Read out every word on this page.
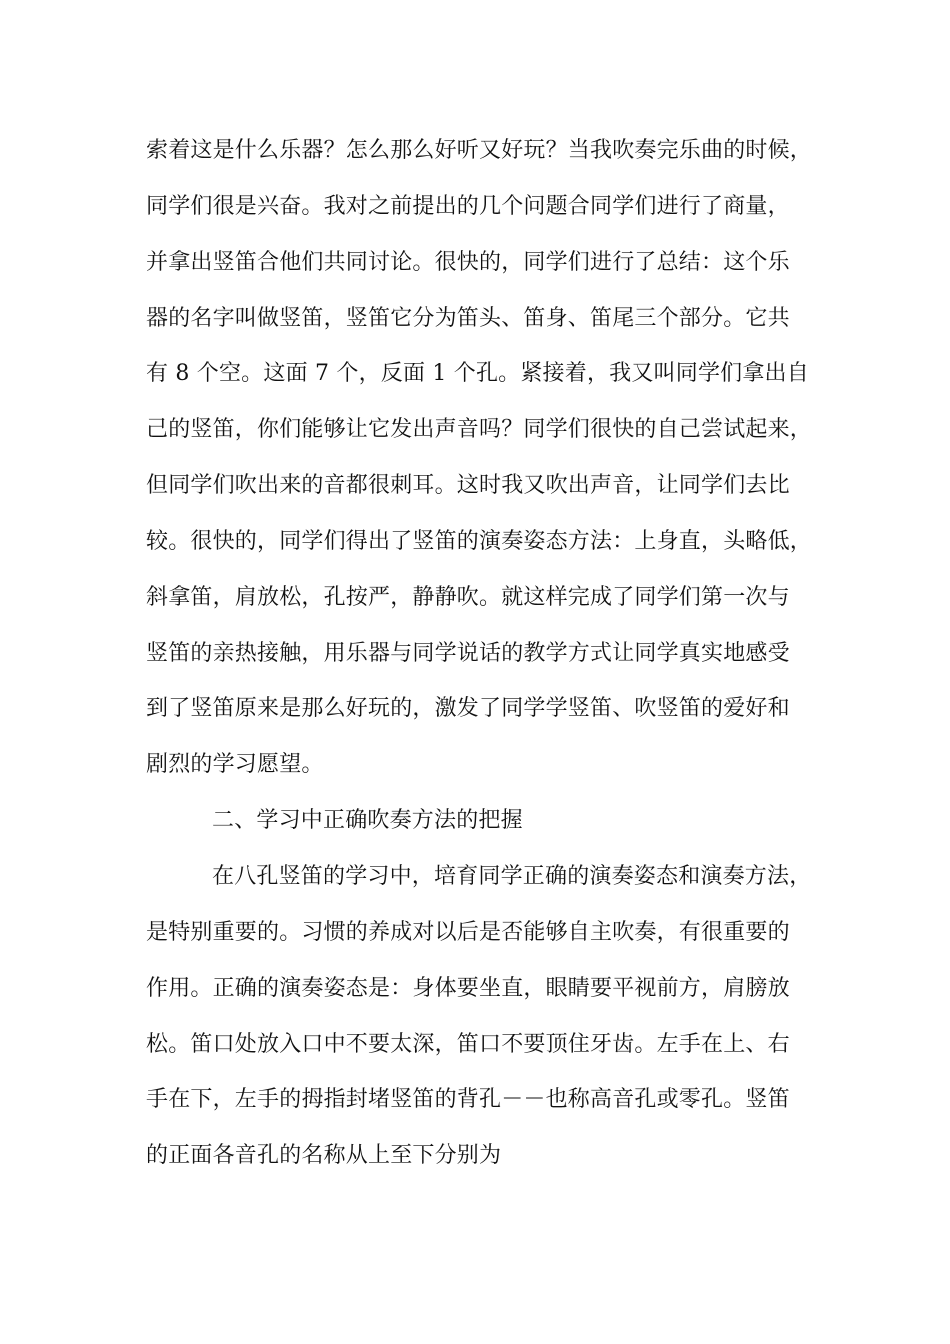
索着这是什么乐器？怎么那么好听又好玩？当我吹奏完乐曲的时候，
同学们很是兴奋。我对之前提出的几个问题合同学们进行了商量，
并拿出竖笛合他们共同讨论。很快的，同学们进行了总结：这个乐
器的名字叫做竖笛，竖笛它分为笛头、笛身、笛尾三个部分。它共
有 8 个空。这面 7 个，反面 1 个孔。紧接着，我又叫同学们拿出自
己的竖笛，你们能够让它发出声音吗？同学们很快的自己尝试起来，
但同学们吹出来的音都很刺耳。这时我又吹出声音，让同学们去比
较。很快的，同学们得出了竖笛的演奏姿态方法：上身直，头略低，
斜拿笛，肩放松，孔按严，静静吹。就这样完成了同学们第一次与
竖笛的亲热接触，用乐器与同学说话的教学方式让同学真实地感受
到了竖笛原来是那么好玩的，激发了同学学竖笛、吹竖笛的爱好和
剧烈的学习愿望。
二、学习中正确吹奏方法的把握
在八孔竖笛的学习中，培育同学正确的演奏姿态和演奏方法，
是特别重要的。习惯的养成对以后是否能够自主吹奏，有很重要的
作用。正确的演奏姿态是：身体要坐直，眼睛要平视前方，肩膀放
松。笛口处放入口中不要太深，笛口不要顶住牙齿。左手在上、右
手在下，左手的拇指封堵竖笛的背孔－－也称高音孔或零孔。竖笛
的正面各音孔的名称从上至下分别为
